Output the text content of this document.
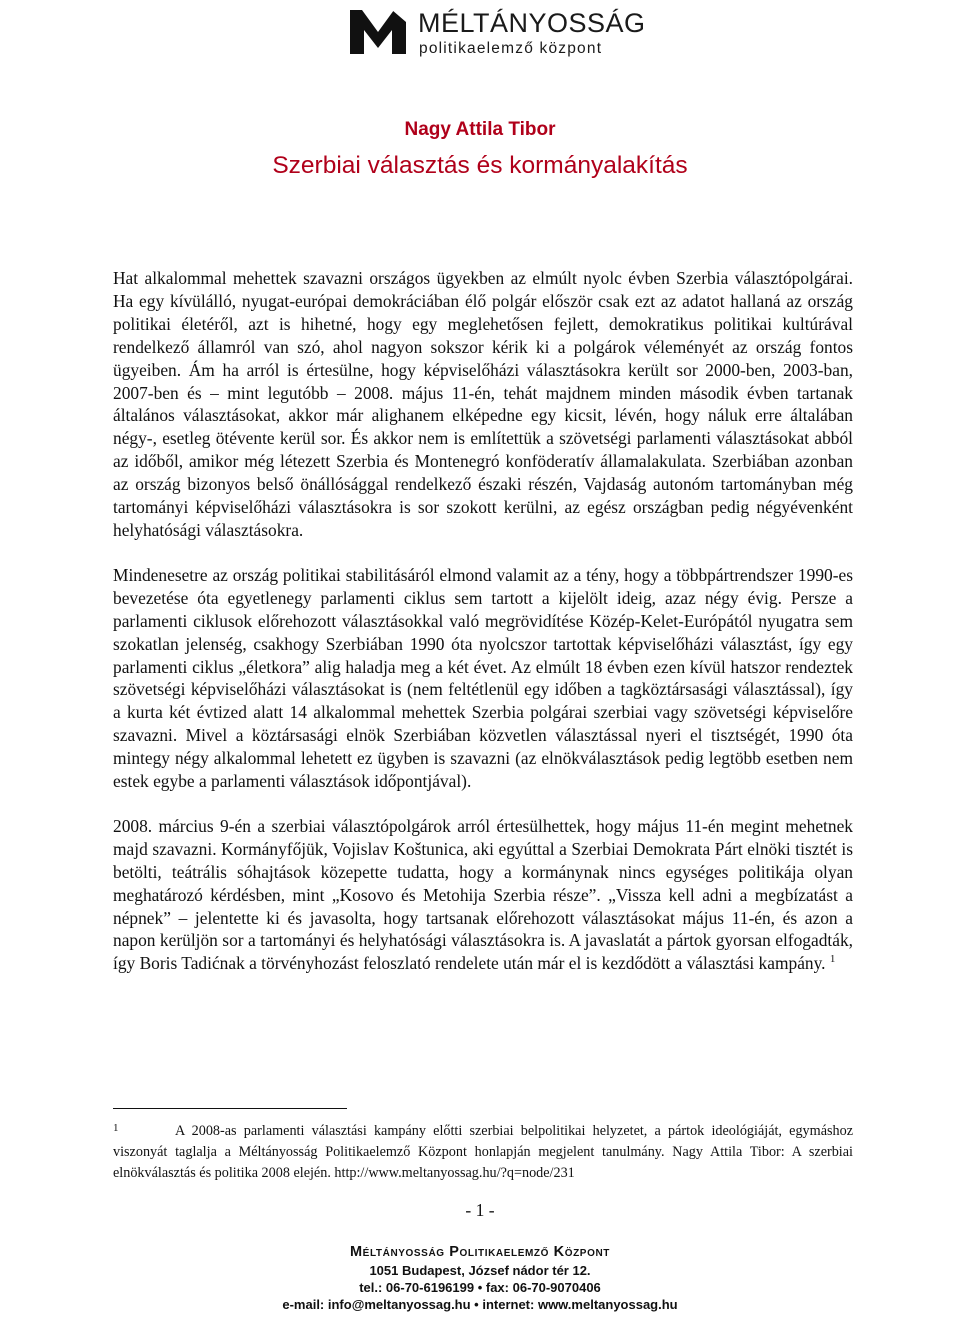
MÉLTÁNYOSSÁG
politikaelemző központ
Nagy Attila Tibor
Szerbiai választás és kormányalakítás

Hat alkalommal mehettek szavazni országos ügyekben az elmúlt nyolc évben Szerbia választópolgárai. Ha egy kívülálló, nyugat-európai demokráciában élő polgár először csak ezt az adatot hallaná az ország politikai életéről, azt is hihetné, hogy egy meglehetősen fejlett, demokratikus politikai kultúrával rendelkező államról van szó, ahol nagyon sokszor kérik ki a polgárok véleményét az ország fontos ügyeiben. Ám ha arról is értesülne, hogy képviselőházi választásokra került sor 2000-ben, 2003-ban, 2007-ben és – mint legutóbb – 2008. május 11-én, tehát majdnem minden második évben tartanak általános választásokat, akkor már alighanem elképedne egy kicsit, lévén, hogy náluk erre általában négy-, esetleg ötévente kerül sor. És akkor nem is említettük a szövetségi parlamenti választásokat abból az időből, amikor még létezett Szerbia és Montenegró konföderatív államalakulata. Szerbiában azonban az ország bizonyos belső önállósággal rendelkező északi részén, Vajdaság autonóm tartományban még tartományi képviselőházi választásokra is sor szokott kerülni, az egész országban pedig négyévenként helyhatósági választásokra.

Mindenesetre az ország politikai stabilitásáról elmond valamit az a tény, hogy a többpártrendszer 1990-es bevezetése óta egyetlenegy parlamenti ciklus sem tartott a kijelölt ideig, azaz négy évig. Persze a parlamenti ciklusok előrehozott választásokkal való megrövidítése Közép-Kelet-Európától nyugatra sem szokatlan jelenség, csakhogy Szerbiában 1990 óta nyolcszor tartottak képviselőházi választást, így egy parlamenti ciklus „életkora” alig haladja meg a két évet. Az elmúlt 18 évben ezen kívül hatszor rendeztek szövetségi képviselőházi választásokat is (nem feltétlenül egy időben a tagköztársasági választással), így a kurta két évtized alatt 14 alkalommal mehettek Szerbia polgárai szerbiai vagy szövetségi képviselőre szavazni. Mivel a köztársasági elnök Szerbiában közvetlen választással nyeri el tisztségét, 1990 óta mintegy négy alkalommal lehetett ez ügyben is szavazni (az elnökválasztások pedig legtöbb esetben nem estek egybe a parlamenti választások időpontjával).

2008. március 9-én a szerbiai választópolgárok arról értesülhettek, hogy május 11-én megint mehetnek majd szavazni. Kormányfőjük, Vojislav Koštunica, aki egyúttal a Szerbiai Demokrata Párt elnöki tisztét is betölti, teátrális sóhajtások közepette tudatta, hogy a kormánynak nincs egységes politikája olyan meghatározó kérdésben, mint „Kosovo és Metohija Szerbia része”. „Vissza kell adni a megbízatást a népnek” – jelentette ki és javasolta, hogy tartsanak előrehozott választásokat május 11-én, és azon a napon kerüljön sor a tartományi és helyhatósági választásokra is. A javaslatát a pártok gyorsan elfogadták, így Boris Tadićnak a törvényhozást feloszlató rendelete után már el is kezdődött a választási kampány. $^1$

1	A 2008-as parlamenti választási kampány előtti szerbiai belpolitikai helyzetet, a pártok ideológiáját, egymáshoz viszonyát taglalja a Méltányosság Politikaelemző Központ honlapján megjelent tanulmány. Nagy Attila Tibor: A szerbiai elnökválasztás és politika 2008 elején. http://www.meltanyossag.hu/?q=node/231
- 1 -
Méltányosság Politikaelemző Központ
1051 Budapest, József nádor tér 12.
tel.: 06-70-6196199 • fax: 06-70-9070406
e-mail: info@meltanyossag.hu • internet: www.meltanyossag.hu
